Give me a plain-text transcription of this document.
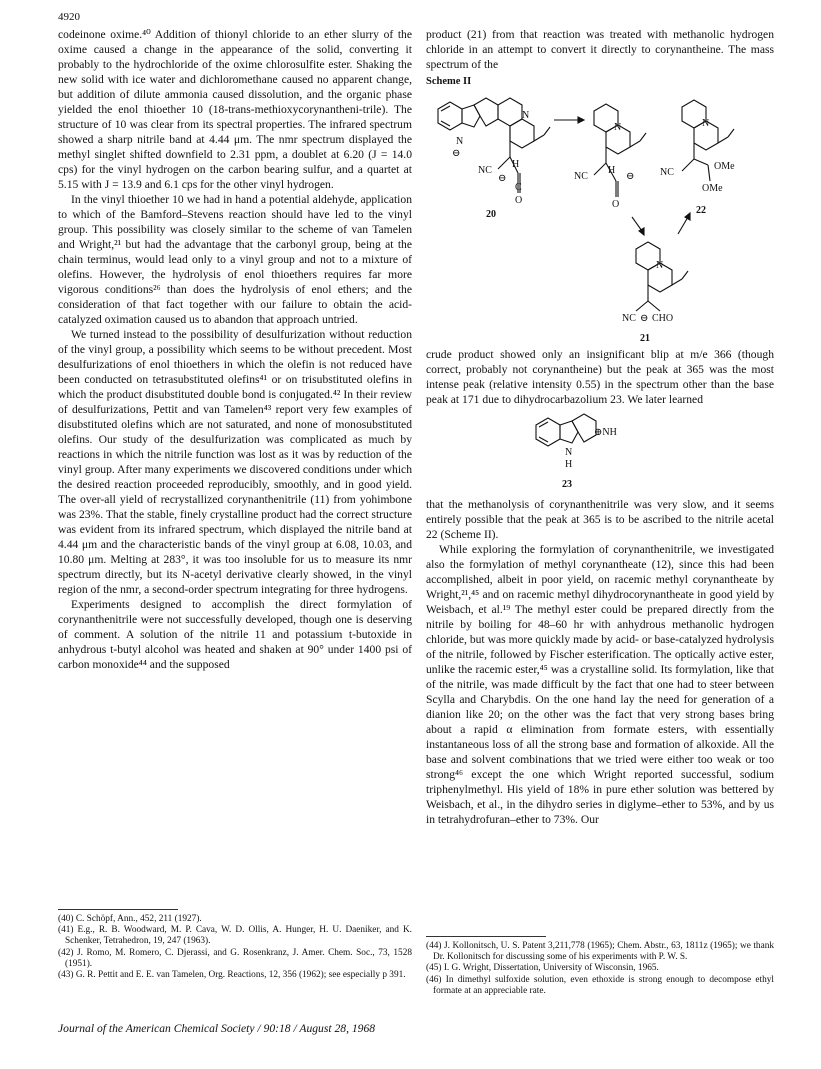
4920

codeinone oxime.⁴⁰ Addition of thionyl chloride to an ether slurry of the oxime caused a change in the appearance of the solid, converting it probably to the hydrochloride of the oxime chlorosulfite ester. Shaking the new solid with ice water and dichloromethane caused no apparent change, but addition of dilute ammonia caused dissolution, and the organic phase yielded the enol thioether 10 (18-trans-methioxycorynantheni-trile). The structure of 10 was clear from its spectral properties. The infrared spectrum showed a sharp nitrile band at 4.44 μm. The nmr spectrum displayed the methyl singlet shifted downfield to 2.31 ppm, a doublet at 6.20 (J = 14.0 cps) for the vinyl hydrogen on the carbon bearing sulfur, and a quartet at 5.15 with J = 13.9 and 6.1 cps for the other vinyl hydrogen.

In the vinyl thioether 10 we had in hand a potential aldehyde, application to which of the Bamford–Stevens reaction should have led to the vinyl group. This possibility was closely similar to the scheme of van Tamelen and Wright,²¹ but had the advantage that the carbonyl group, being at the chain terminus, would lead only to a vinyl group and not to a mixture of olefins. However, the hydrolysis of enol thioethers requires far more vigorous conditions²⁶ than does the hydrolysis of enol ethers; and the consideration of that fact together with our failure to obtain the acid-catalyzed oximation caused us to abandon that approach untried.

We turned instead to the possibility of desulfurization without reduction of the vinyl group, a possibility which seems to be without precedent. Most desulfurizations of enol thioethers in which the olefin is not reduced have been conducted on tetrasubstituted olefins⁴¹ or on trisubstituted olefins in which the product disubstituted double bond is conjugated.⁴² In their review of desulfurizations, Pettit and van Tamelen⁴³ report very few examples of disubstituted olefins which are not saturated, and none of monosubstituted olefins. Our study of the desulfurization was complicated as much by reactions in which the nitrile function was lost as it was by reduction of the vinyl group. After many experiments we discovered conditions under which the desired reaction proceeded reproducibly, smoothly, and in good yield. The over-all yield of recrystallized corynanthenitrile (11) from yohimbone was 23%. That the stable, finely crystalline product had the correct structure was evident from its infrared spectrum, which displayed the nitrile band at 4.44 μm and the characteristic bands of the vinyl group at 6.08, 10.03, and 10.80 μm. Melting at 283°, it was too insoluble for us to measure its nmr spectrum directly, but its N-acetyl derivative clearly showed, in the vinyl region of the nmr, a second-order spectrum integrating for three hydrogens.

Experiments designed to accomplish the direct formylation of corynanthenitrile were not successfully developed, though one is deserving of comment. A solution of the nitrile 11 and potassium t-butoxide in anhydrous t-butyl alcohol was heated and shaken at 90° under 1400 psi of carbon monoxide⁴⁴ and the supposed

(40) C. Schöpf, Ann., 452, 211 (1927).
(41) E.g., R. B. Woodward, M. P. Cava, W. D. Ollis, A. Hunger, H. U. Daeniker, and K. Schenker, Tetrahedron, 19, 247 (1963).
(42) J. Romo, M. Romero, C. Djerassi, and G. Rosenkranz, J. Amer. Chem. Soc., 73, 1528 (1951).
(43) G. R. Pettit and E. E. van Tamelen, Org. Reactions, 12, 356 (1962); see especially p 391.

product (21) from that reaction was treated with methanolic hydrogen chloride in an attempt to convert it directly to corynantheine. The mass spectrum of the

Scheme II
N
⊖
N
H
NC
⊖
C
O
20
N
H
NC	⊖
O
N
NC
OMe
OMe
22
N
NC ⊖ CHO
21

crude product showed only an insignificant blip at m/e 366 (though correct, probably not corynantheine) but the peak at 365 was the most intense peak (relative intensity 0.55) in the spectrum other than the base peak at 171 due to dihydrocarbazolium 23. We later learned

⊕NH
N
H
23

that the methanolysis of corynanthenitrile was very slow, and it seems entirely possible that the peak at 365 is to be ascribed to the nitrile acetal 22 (Scheme II).

While exploring the formylation of corynanthenitrile, we investigated also the formylation of methyl corynantheate (12), since this had been accomplished, albeit in poor yield, on racemic methyl corynantheate by Wright,²¹,⁴⁵ and on racemic methyl dihydrocorynantheate in good yield by Weisbach, et al.¹⁹ The methyl ester could be prepared directly from the nitrile by boiling for 48–60 hr with anhydrous methanolic hydrogen chloride, but was more quickly made by acid- or base-catalyzed hydrolysis of the nitrile, followed by Fischer esterification. The optically active ester, unlike the racemic ester,⁴⁵ was a crystalline solid. Its formylation, like that of the nitrile, was made difficult by the fact that one had to steer between Scylla and Charybdis. On the one hand lay the need for generation of a dianion like 20; on the other was the fact that very strong bases bring about a rapid α elimination from formate esters, with essentially instantaneous loss of all the strong base and formation of alkoxide. All the base and solvent combinations that we tried were either too weak or too strong⁴⁶ except the one which Wright reported successful, sodium triphenylmethyl. His yield of 18% in pure ether solution was bettered by Weisbach, et al., in the dihydro series in diglyme–ether to 53%, and by us in tetrahydrofuran–ether to 73%. Our

(44) J. Kollonitsch, U. S. Patent 3,211,778 (1965); Chem. Abstr., 63, 1811z (1965); we thank Dr. Kollonitsch for discussing some of his experiments with P. W. S.
(45) I. G. Wright, Dissertation, University of Wisconsin, 1965.
(46) In dimethyl sulfoxide solution, even ethoxide is strong enough to decompose ethyl formate at an appreciable rate.
Journal of the American Chemical Society / 90:18 / August 28, 1968
